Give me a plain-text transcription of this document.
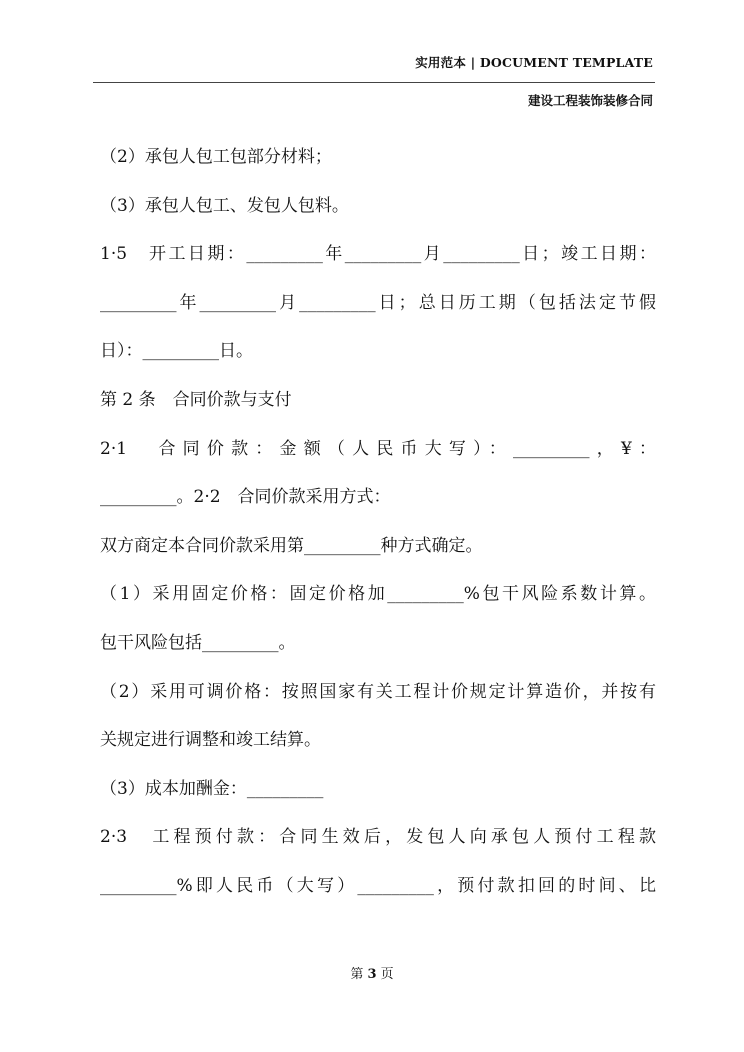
实用范本 | DOCUMENT TEMPLATE
建设工程装饰装修合同
（2）承包人包工包部分材料；
（3）承包人包工、发包人包料。
1·5　开工日期：_________年_________月_________日；竣工日期：
_________年_________月_________日；总日历工期（包括法定节假
日）：_________日。
第 2 条　合同价款与支付
2·1　合同价款：金额（人民币大写）：_________，¥：
_________。2·2　合同价款采用方式：
双方商定本合同价款采用第_________种方式确定。
（1）采用固定价格：固定价格加_________%包干风险系数计算。
包干风险包括_________。
（2）采用可调价格：按照国家有关工程计价规定计算造价，并按有
关规定进行调整和竣工结算。
（3）成本加酬金：_________
2·3　工程预付款：合同生效后，发包人向承包人预付工程款
_________%即人民币（大写）_________，预付款扣回的时间、比
第 3 页
